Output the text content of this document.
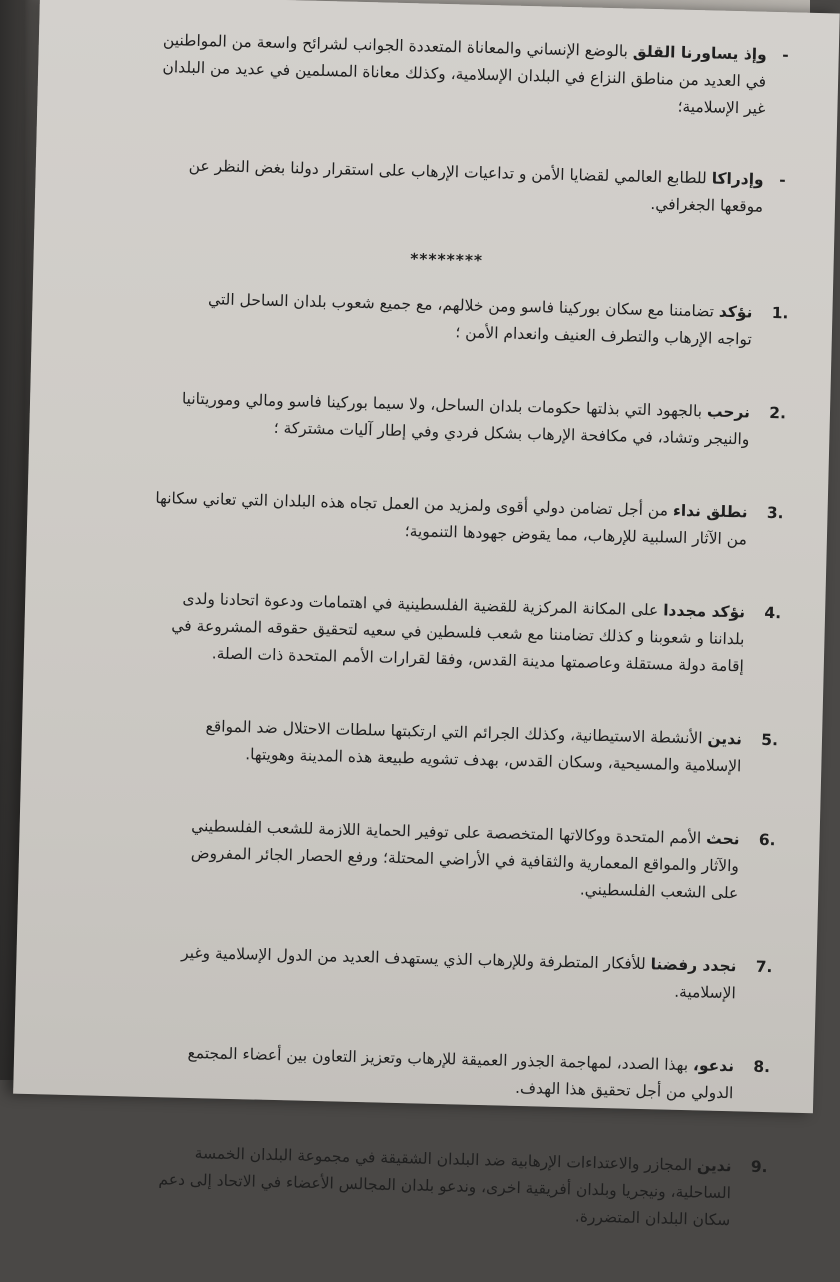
-
وإذ يساورنا القلق بالوضع الإنساني والمعاناة المتعددة الجوانب لشرائح واسعة من المواطنين
في العديد من مناطق النزاع في البلدان الإسلامية، وكذلك معاناة المسلمين في عديد من البلدان
غير الإسلامية؛
-
وإدراكا للطابع العالمي لقضايا الأمن و تداعيات الإرهاب على استقرار دولنا بغض النظر عن
موقعها الجغرافي.
********
1.
نؤكد تضامننا مع سكان بوركينا فاسو ومن خلالهم، مع جميع شعوب بلدان الساحل التي
تواجه الإرهاب والتطرف العنيف وانعدام الأمن ؛
2.
نرحب بالجهود التي بذلتها حكومات بلدان الساحل، ولا سيما بوركينا فاسو ومالي وموريتانيا
والنيجر وتشاد، في مكافحة الإرهاب بشكل فردي وفي إطار آليات مشتركة ؛
3.
نطلق نداء من أجل تضامن دولي أقوى ولمزيد من العمل تجاه هذه البلدان التي تعاني سكانها
من الآثار السلبية للإرهاب، مما يقوض جهودها التنموية؛
4.
نؤكد مجددا على المكانة المركزية للقضية الفلسطينية في اهتمامات ودعوة اتحادنا ولدى
بلداننا و شعوبنا و كذلك تضامننا مع شعب فلسطين في سعيه لتحقيق حقوقه المشروعة في
إقامة دولة مستقلة وعاصمتها مدينة القدس، وفقا لقرارات الأمم المتحدة ذات الصلة.
5.
ندين الأنشطة الاستيطانية، وكذلك الجرائم التي ارتكبتها سلطات الاحتلال ضد المواقع
الإسلامية والمسيحية، وسكان القدس، بهدف تشويه طبيعة هذه المدينة وهويتها.
6.
نحث الأمم المتحدة ووكالاتها المتخصصة على توفير الحماية اللازمة للشعب الفلسطيني
والآثار والمواقع المعمارية والثقافية في الأراضي المحتلة؛ ورفع الحصار الجائر المفروض
على الشعب الفلسطيني.
7.
نجدد رفضنا للأفكار المتطرفة وللإرهاب الذي يستهدف العديد من الدول الإسلامية وغير
الإسلامية.
8.
ندعو، بهذا الصدد، لمهاجمة الجذور العميقة للإرهاب وتعزيز التعاون بين أعضاء المجتمع
الدولي من أجل تحقيق هذا الهدف.
9.
ندين المجازر والاعتداءات الإرهابية ضد البلدان الشقيقة في مجموعة البلدان الخمسة
الساحلية، ونيجريا وبلدان أفريقية اخرى، وندعو بلدان المجالس الأعضاء في الاتحاد إلى دعم
سكان البلدان المتضررة.
